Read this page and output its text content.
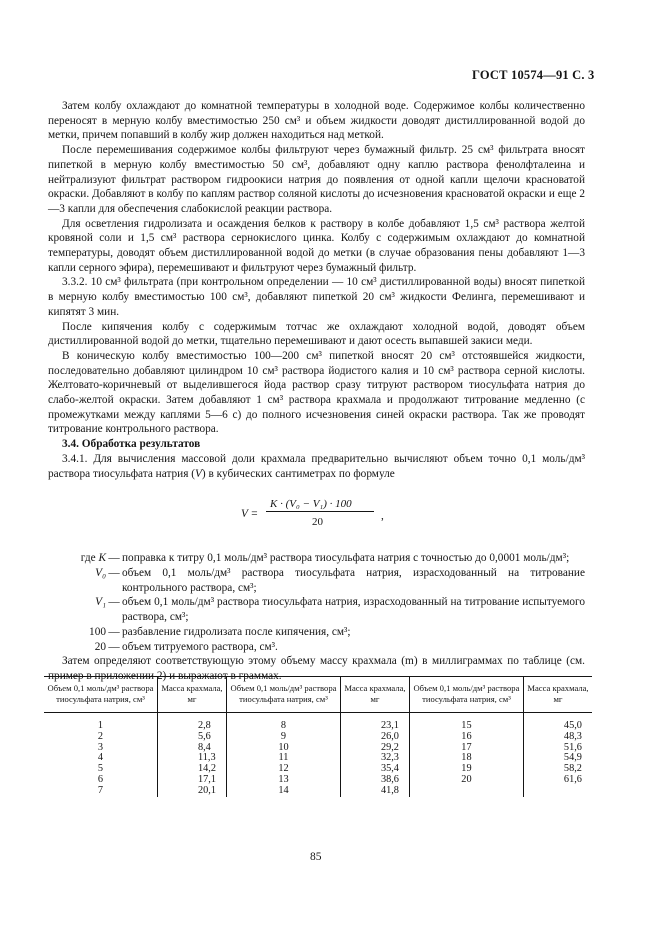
ГОСТ 10574—91 С. 3

Затем колбу охлаждают до комнатной температуры в холодной воде. Содержимое колбы количественно переносят в мерную колбу вместимостью 250 см³ и объем жидкости доводят дистиллированной водой до метки, причем попавший в колбу жир должен находиться над меткой.

После перемешивания содержимое колбы фильтруют через бумажный фильтр. 25 см³ фильтрата вносят пипеткой в мерную колбу вместимостью 50 см³, добавляют одну каплю раствора фенолфталеина и нейтрализуют фильтрат раствором гидроокиси натрия до появления от одной капли щелочи красноватой окраски. Добавляют в колбу по каплям раствор соляной кислоты до исчезновения красноватой окраски и еще 2—3 капли для обеспечения слабокислой реакции раствора.

Для осветления гидролизата и осаждения белков к раствору в колбе добавляют 1,5 см³ раствора желтой кровяной соли и 1,5 см³ раствора сернокислого цинка. Колбу с содержимым охлаждают до комнатной температуры, доводят объем дистиллированной водой до метки (в случае образования пены добавляют 1—3 капли серного эфира), перемешивают и фильтруют через бумажный фильтр.

3.3.2. 10 см³ фильтрата (при контрольном определении — 10 см³ дистиллированной воды) вносят пипеткой в мерную колбу вместимостью 100 см³, добавляют пипеткой 20 см³ жидкости Фелинга, перемешивают и кипятят 3 мин.

После кипячения колбу с содержимым тотчас же охлаждают холодной водой, доводят объем дистиллированной водой до метки, тщательно перемешивают и дают осесть выпавшей закиси меди.

В коническую колбу вместимостью 100—200 см³ пипеткой вносят 20 см³ отстоявшейся жидкости, последовательно добавляют цилиндром 10 см³ раствора йодистого калия и 10 см³ раствора серной кислоты. Желтовато-коричневый от выделившегося йода раствор сразу титруют раствором тиосульфата натрия до слабо-желтой окраски. Затем добавляют 1 см³ раствора крахмала и продолжают титрование медленно (с промежутками между каплями 5—6 с) до полного исчезновения синей окраски раствора. Так же проводят титрование контрольного раствора.

3.4. Обработка результатов

3.4.1. Для вычисления массовой доли крахмала предварительно вычисляют объем точно 0,1 моль/дм³ раствора тиосульфата натрия (V) в кубических сантиметрах по формуле

V =
K · (V₀ − V₁) · 100
20	,
где K — поправка к титру 0,1 моль/дм³ раствора тиосульфата натрия с точностью до 0,0001 моль/дм³;
V₀ — объем 0,1 моль/дм³ раствора тиосульфата натрия, израсходованный на титрование контрольного раствора, см³;
V₁ — объем 0,1 моль/дм³ раствора тиосульфата натрия, израсходованный на титрование испытуемого раствора, см³;
100 — разбавление гидролизата после кипячения, см³;
20 — объем титруемого раствора, см³.

Затем определяют соответствующую этому объему массу крахмала (m) в миллиграммах по таблице (см. пример в приложении 2) и выражают в граммах.

Объем 0,1 моль/дм³ раствора тиосульфата натрия, см³	Масса крахмала, мг	Объем 0,1 моль/дм³ раствора тиосульфата натрия, см³	Масса крахмала, мг	Объем 0,1 моль/дм³ раствора тиосульфата натрия, см³	Масса крахмала, мг
1	2,8	8	23,1	15	45,0
2	5,6	9	26,0	16	48,3
3	8,4	10	29,2	17	51,6
4	11,3	11	32,3	18	54,9
5	14,2	12	35,4	19	58,2
6	17,1	13	38,6	20	61,6
7	20,1	14	41,8		
85
